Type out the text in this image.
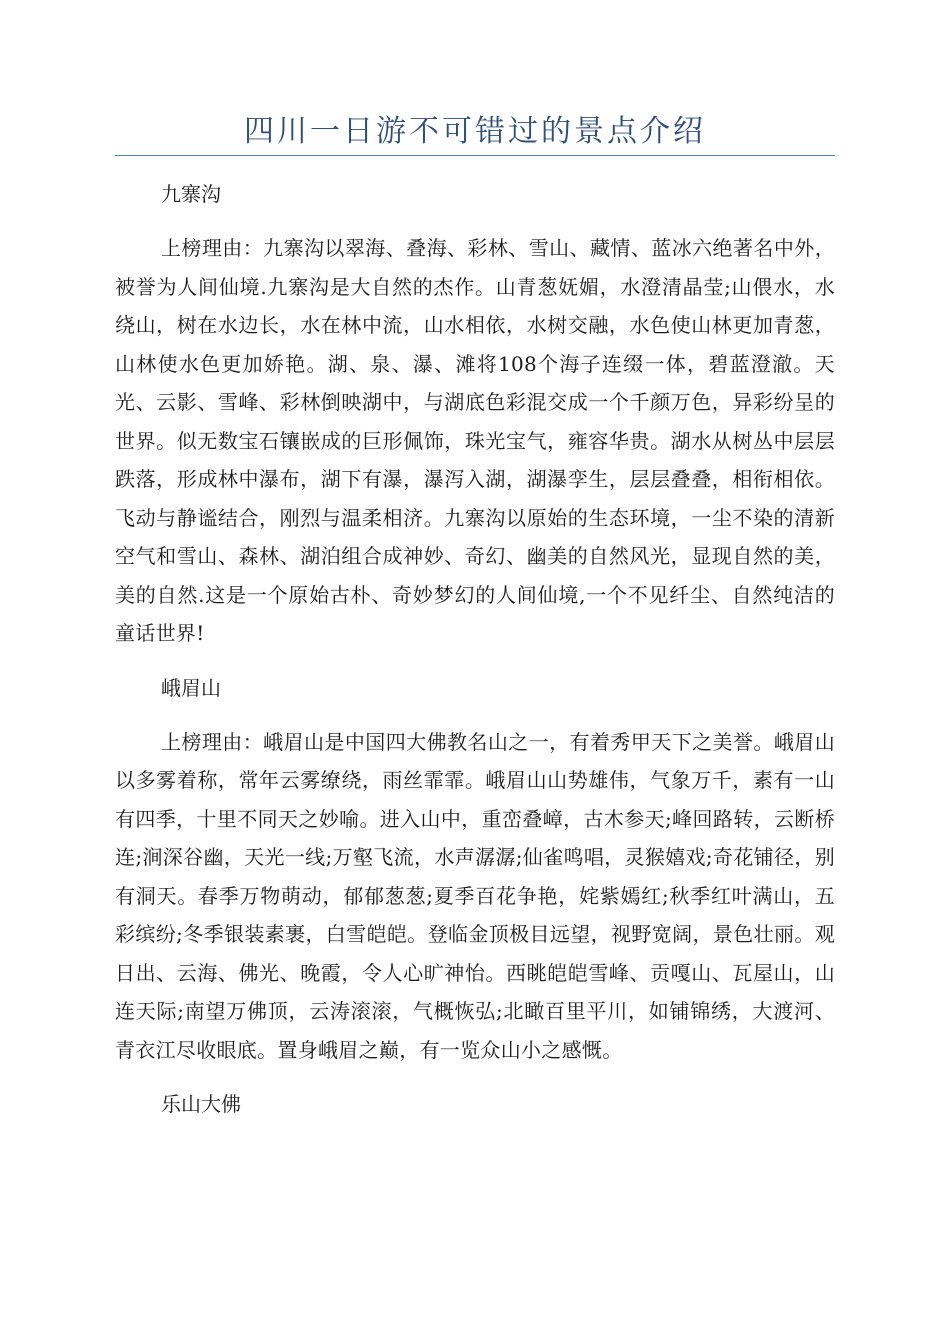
四川一日游不可错过的景点介绍

九寨沟

上榜理由：九寨沟以翠海、叠海、彩林、雪山、藏情、蓝冰六绝著名中外，被誉为人间仙境.九寨沟是大自然的杰作。山青葱妩媚，水澄清晶莹;山偎水，水绕山，树在水边长，水在林中流，山水相依，水树交融，水色使山林更加青葱，山林使水色更加娇艳。湖、泉、瀑、滩将108个海子连缀一体，碧蓝澄澈。天光、云影、雪峰、彩林倒映湖中，与湖底色彩混交成一个千颜万色，异彩纷呈的世界。似无数宝石镶嵌成的巨形佩饰，珠光宝气，雍容华贵。湖水从树丛中层层跌落，形成林中瀑布，湖下有瀑，瀑泻入湖，湖瀑孪生，层层叠叠，相衔相依。飞动与静谧结合，刚烈与温柔相济。九寨沟以原始的生态环境，一尘不染的清新空气和雪山、森林、湖泊组合成神妙、奇幻、幽美的自然风光，显现自然的美，美的自然.这是一个原始古朴、奇妙梦幻的人间仙境,一个不见纤尘、自然纯洁的童话世界!

峨眉山

上榜理由：峨眉山是中国四大佛教名山之一，有着秀甲天下之美誉。峨眉山以多雾着称，常年云雾缭绕，雨丝霏霏。峨眉山山势雄伟，气象万千，素有一山有四季，十里不同天之妙喻。进入山中，重峦叠嶂，古木参天;峰回路转，云断桥连;涧深谷幽，天光一线;万壑飞流，水声潺潺;仙雀鸣唱，灵猴嬉戏;奇花铺径，别有洞天。春季万物萌动，郁郁葱葱;夏季百花争艳，姹紫嫣红;秋季红叶满山，五彩缤纷;冬季银装素裹，白雪皑皑。登临金顶极目远望，视野宽阔，景色壮丽。观日出、云海、佛光、晚霞，令人心旷神怡。西眺皑皑雪峰、贡嘎山、瓦屋山，山连天际;南望万佛顶，云涛滚滚，气概恢弘;北瞰百里平川，如铺锦绣，大渡河、青衣江尽收眼底。置身峨眉之巅，有一览众山小之感慨。

乐山大佛
